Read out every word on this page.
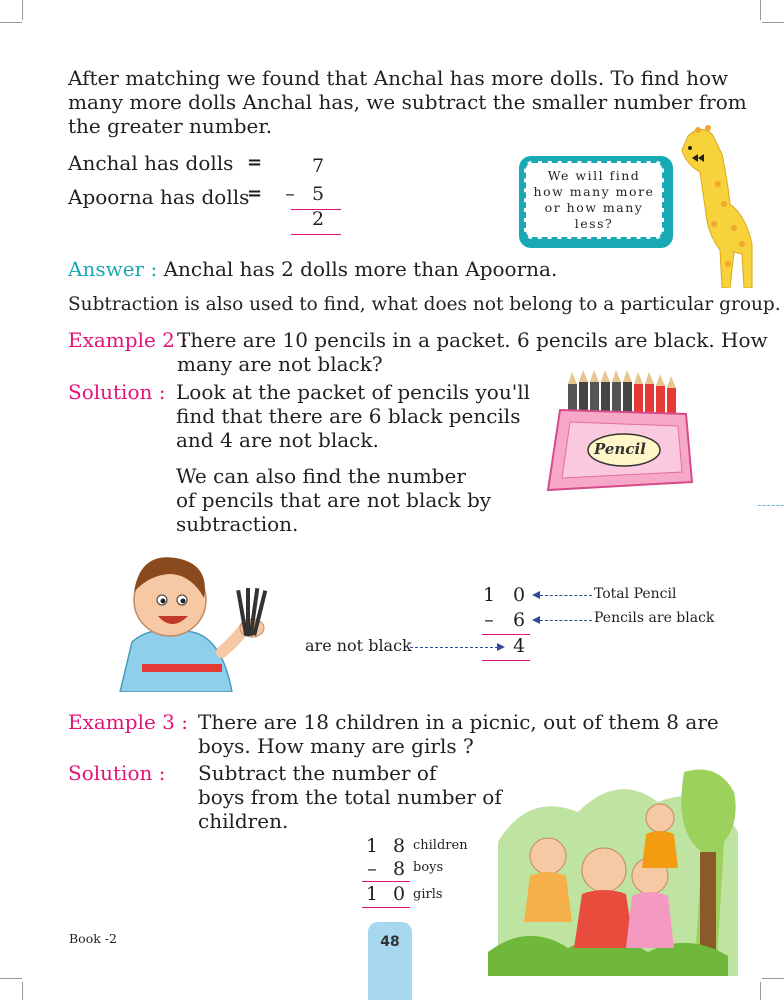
After matching we found that Anchal has more dolls. To find how
many more dolls Anchal has, we subtract the smaller number from
the greater number.
Anchal has dolls
Apoorna has dolls
=
=
7
– 5
2
We will find
how many more
or how many
less?
Answer : Anchal has 2 dolls more than Apoorna.
Subtraction is also used to find, what does not belong to a particular group.
Example 2 :
There are 10 pencils in a packet. 6 pencils are black. How
many are not black?
Solution : Look at the packet of pencils you'll
find that there are 6 black pencils
and 4 are not black.
We can also find the number
of pencils that are not black by
subtraction.
Pencil
1 0	Total Pencil
– 6	Pencils are black
are not black	4
Example 3 : There are 18 children in a picnic, out of them 8 are
boys. How many are girls ?
Solution : Subtract the number of
boys from the total number of
children.
1 8 children
– 8 boys
1 0 girls
Book -2	48
